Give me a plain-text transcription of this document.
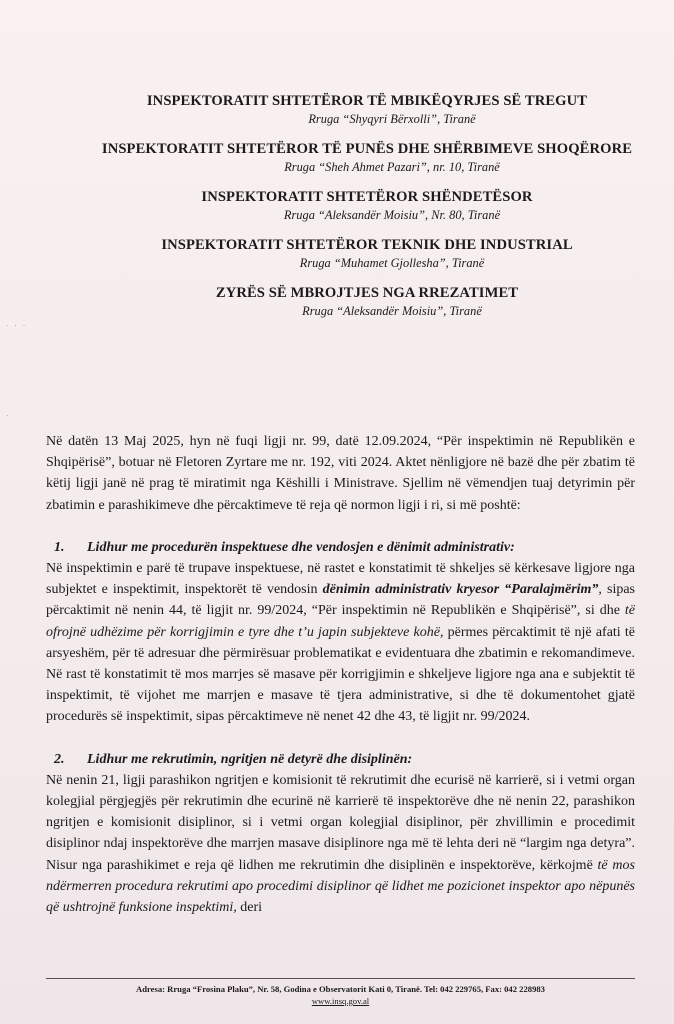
· · ·
·
INSPEKTORATIT SHTETËROR TË MBIKËQYRJES SË TREGUT
Rruga “Shyqyri Bërxolli”, Tiranë
INSPEKTORATIT SHTETËROR TË PUNËS DHE SHËRBIMEVE SHOQËRORE
Rruga “Sheh Ahmet Pazari”, nr. 10, Tiranë
INSPEKTORATIT SHTETËROR SHËNDETËSOR
Rruga “Aleksandër Moisiu”, Nr. 80, Tiranë
INSPEKTORATIT SHTETËROR TEKNIK DHE INDUSTRIAL
Rruga “Muhamet Gjollesha”, Tiranë
ZYRËS SË MBROJTJES NGA RREZATIMET
Rruga “Aleksandër Moisiu”, Tiranë

Në datën 13 Maj 2025, hyn në fuqi ligji nr. 99, datë 12.09.2024, “Për inspektimin në Republikën e Shqipërisë”, botuar në Fletoren Zyrtare me nr. 192, viti 2024. Aktet nënligjore në bazë dhe për zbatim të këtij ligji janë në prag të miratimit nga Këshilli i Ministrave. Sjellim në vëmendjen tuaj detyrimin për zbatimin e parashikimeve dhe përcaktimeve të reja që normon ligji i ri, si më poshtë:

1. Lidhur me procedurën inspektuese dhe vendosjen e dënimit administrativ:

Në inspektimin e parë të trupave inspektuese, në rastet e konstatimit të shkeljes së kërkesave ligjore nga subjektet e inspektimit, inspektorët të vendosin dënimin administrativ kryesor “Paralajmërim”, sipas përcaktimit në nenin 44, të ligjit nr. 99/2024, “Për inspektimin në Republikën e Shqipërisë”, si dhe të ofrojnë udhëzime për korrigjimin e tyre dhe t’u japin subjekteve kohë, përmes përcaktimit të një afati të arsyeshëm, për të adresuar dhe përmirësuar problematikat e evidentuara dhe zbatimin e rekomandimeve. Në rast të konstatimit të mos marrjes së masave për korrigjimin e shkeljeve ligjore nga ana e subjektit të inspektimit, të vijohet me marrjen e masave të tjera administrative, si dhe të dokumentohet gjatë procedurës së inspektimit, sipas përcaktimeve në nenet 42 dhe 43, të ligjit nr. 99/2024.

2. Lidhur me rekrutimin, ngritjen në detyrë dhe disiplinën:

Në nenin 21, ligji parashikon ngritjen e komisionit të rekrutimit dhe ecurisë në karrierë, si i vetmi organ kolegjial përgjegjës për rekrutimin dhe ecurinë në karrierë të inspektorëve dhe në nenin 22, parashikon ngritjen e komisionit disiplinor, si i vetmi organ kolegjial disiplinor, për zhvillimin e procedimit disiplinor ndaj inspektorëve dhe marrjen masave disiplinore nga më të lehta deri në “largim nga detyra”. Nisur nga parashikimet e reja që lidhen me rekrutimin dhe disiplinën e inspektorëve, kërkojmë të mos ndërmerren procedura rekrutimi apo procedimi disiplinor që lidhet me pozicionet inspektor apo nëpunës që ushtrojnë funksione inspektimi, deri

Adresa: Rruga “Frosina Plaku”, Nr. 58, Godina e Observatorit Kati 0, Tiranë. Tel: 042 229765, Fax: 042 228983
www.insq.gov.al
